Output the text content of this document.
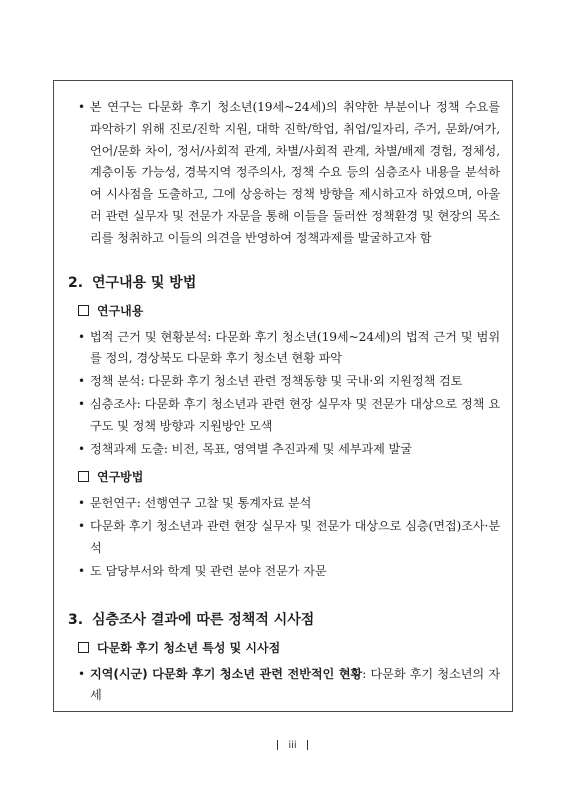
• 본 연구는 다문화 후기 청소년(19세~24세)의 취약한 부분이나 정책 수요를 파악하기 위해 진로/진학 지원, 대학 진학/학업, 취업/일자리, 주거, 문화/여가, 언어/문화 차이, 정서/사회적 관계, 차별/사회적 관계, 차별/배제 경험, 정체성, 계층이동 가능성, 경북지역 정주의사, 정책 수요 등의 심층조사 내용을 분석하여 시사점을 도출하고, 그에 상응하는 정책 방향을 제시하고자 하였으며, 아울러 관련 실무자 및 전문가 자문을 통해 이들을 둘러싼 정책환경 및 현장의 목소리를 청취하고 이들의 의견을 반영하여 정책과제를 발굴하고자 함
2. 연구내용 및 방법
연구내용
• 법적 근거 및 현황분석: 다문화 후기 청소년(19세~24세)의 법적 근거 및 범위를 정의, 경상북도 다문화 후기 청소년 현황 파악
• 정책 분석: 다문화 후기 청소년 관련 정책동향 및 국내·외 지원정책 검토
• 심층조사: 다문화 후기 청소년과 관련 현장 실무자 및 전문가 대상으로 정책 요구도 및 정책 방향과 지원방안 모색
• 정책과제 도출: 비전, 목표, 영역별 추진과제 및 세부과제 발굴
연구방법
• 문헌연구: 선행연구 고찰 및 통계자료 분석
• 다문화 후기 청소년과 관련 현장 실무자 및 전문가 대상으로 심층(면접)조사·분석
• 도 담당부서와 학계 및 관련 분야 전문가 자문
3. 심층조사 결과에 따른 정책적 시사점
다문화 후기 청소년 특성 및 시사점
• 지역(시군) 다문화 후기 청소년 관련 전반적인 현황: 다문화 후기 청소년의 자세
iii
